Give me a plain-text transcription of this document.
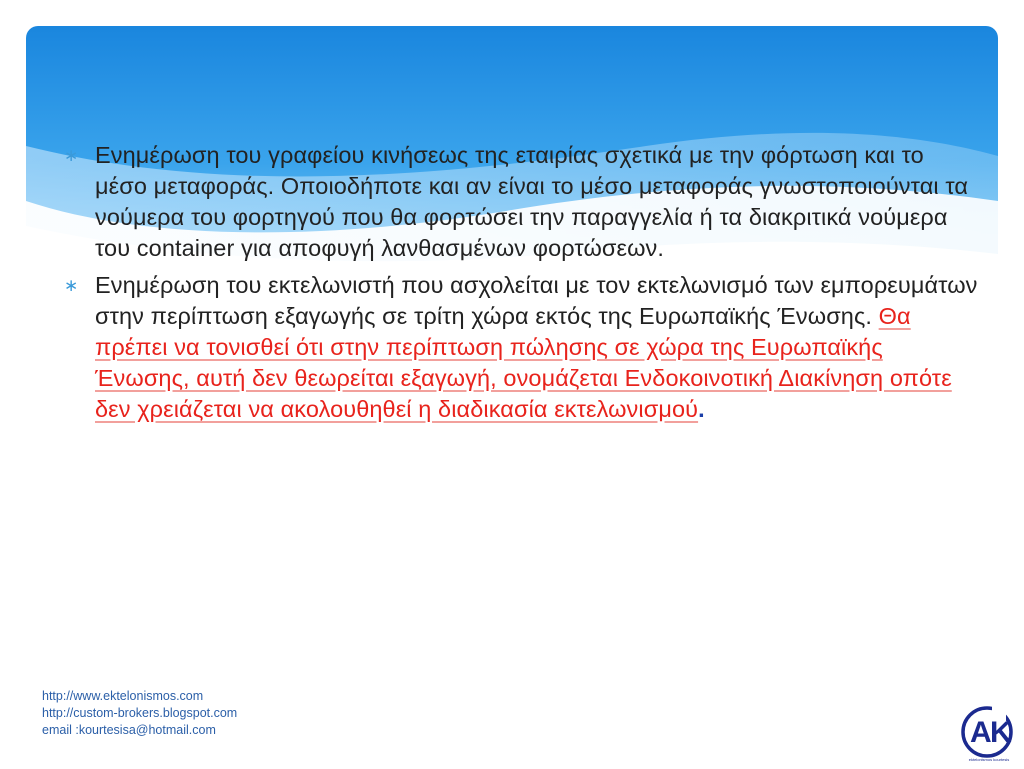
∗ Ενημέρωση του γραφείου κινήσεως της εταιρίας σχετικά με την φόρτωση και το μέσο μεταφοράς. Οποιοδήποτε και αν είναι το μέσο μεταφοράς γνωστοποιούνται τα νούμερα του φορτηγού που θα φορτώσει την παραγγελία ή τα διακριτικά νούμερα του container για αποφυγή λανθασμένων φορτώσεων.
∗ Ενημέρωση του εκτελωνιστή που ασχολείται με τον εκτελωνισμό των εμπορευμάτων στην περίπτωση εξαγωγής σε τρίτη χώρα εκτός της Ευρωπαϊκής Ένωσης. Θα πρέπει να τονισθεί ότι στην περίπτωση πώλησης σε χώρα της Ευρωπαϊκής Ένωσης, αυτή δεν θεωρείται εξαγωγή, ονομάζεται Ενδοκοινοτική Διακίνηση οπότε δεν χρειάζεται να ακολουθηθεί η διαδικασία εκτελωνισμού.
http://www.ektelonismos.com
http://custom-brokers.blogspot.com
email :kourtesisa@hotmail.com	A
K
ektelonismos kourtesis
